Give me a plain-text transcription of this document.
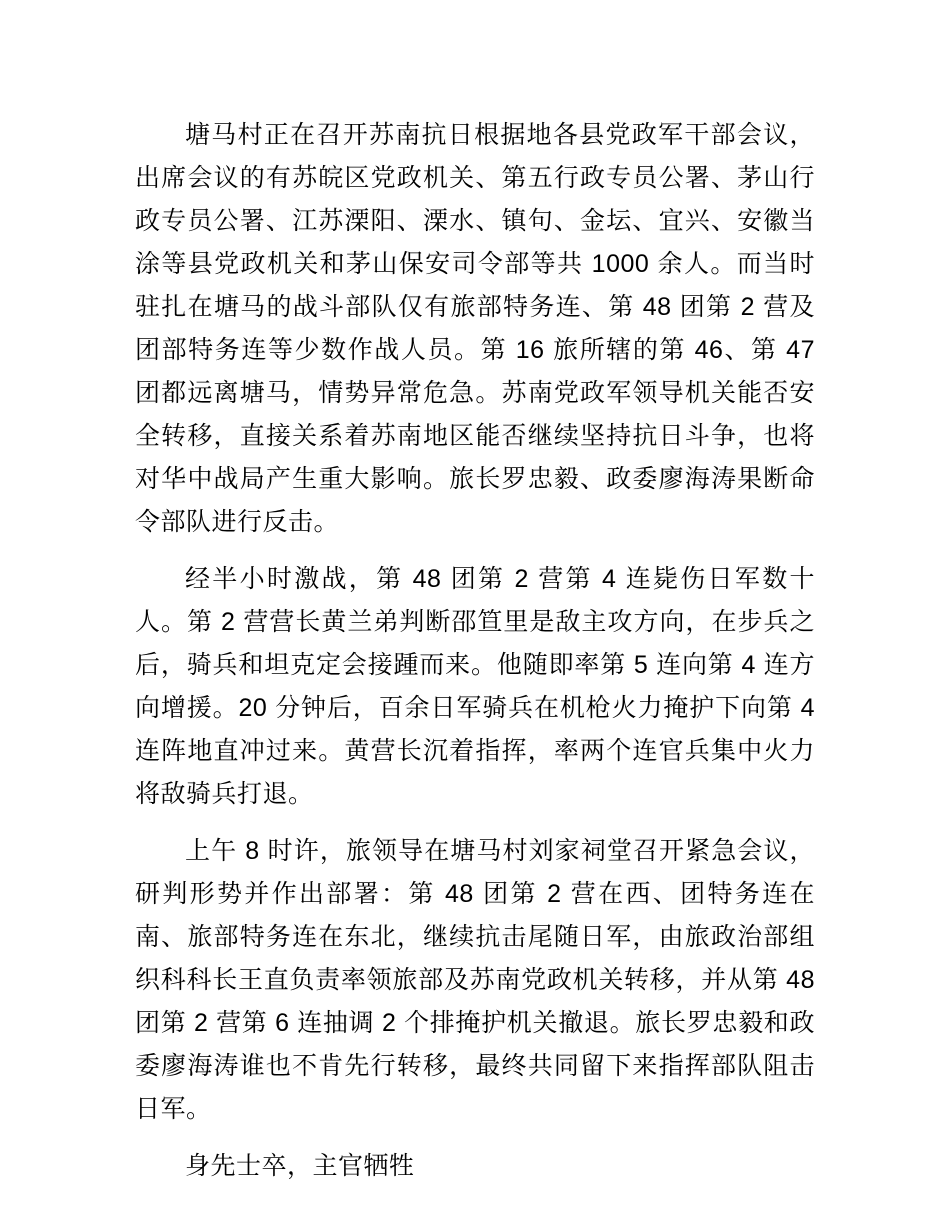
塘马村正在召开苏南抗日根据地各县党政军干部会议，出席会议的有苏皖区党政机关、第五行政专员公署、茅山行政专员公署、江苏溧阳、溧水、镇句、金坛、宜兴、安徽当涂等县党政机关和茅山保安司令部等共 1000 余人。而当时驻扎在塘马的战斗部队仅有旅部特务连、第 48 团第 2 营及团部特务连等少数作战人员。第 16 旅所辖的第 46、第 47 团都远离塘马，情势异常危急。苏南党政军领导机关能否安全转移，直接关系着苏南地区能否继续坚持抗日斗争，也将对华中战局产生重大影响。旅长罗忠毅、政委廖海涛果断命令部队进行反击。

经半小时激战，第 48 团第 2 营第 4 连毙伤日军数十人。第 2 营营长黄兰弟判断邵笪里是敌主攻方向，在步兵之后，骑兵和坦克定会接踵而来。他随即率第 5 连向第 4 连方向增援。20 分钟后，百余日军骑兵在机枪火力掩护下向第 4 连阵地直冲过来。黄营长沉着指挥，率两个连官兵集中火力将敌骑兵打退。

上午 8 时许，旅领导在塘马村刘家祠堂召开紧急会议，研判形势并作出部署：第 48 团第 2 营在西、团特务连在南、旅部特务连在东北，继续抗击尾随日军，由旅政治部组织科科长王直负责率领旅部及苏南党政机关转移，并从第 48 团第 2 营第 6 连抽调 2 个排掩护机关撤退。旅长罗忠毅和政委廖海涛谁也不肯先行转移，最终共同留下来指挥部队阻击日军。

身先士卒，主官牺牲
